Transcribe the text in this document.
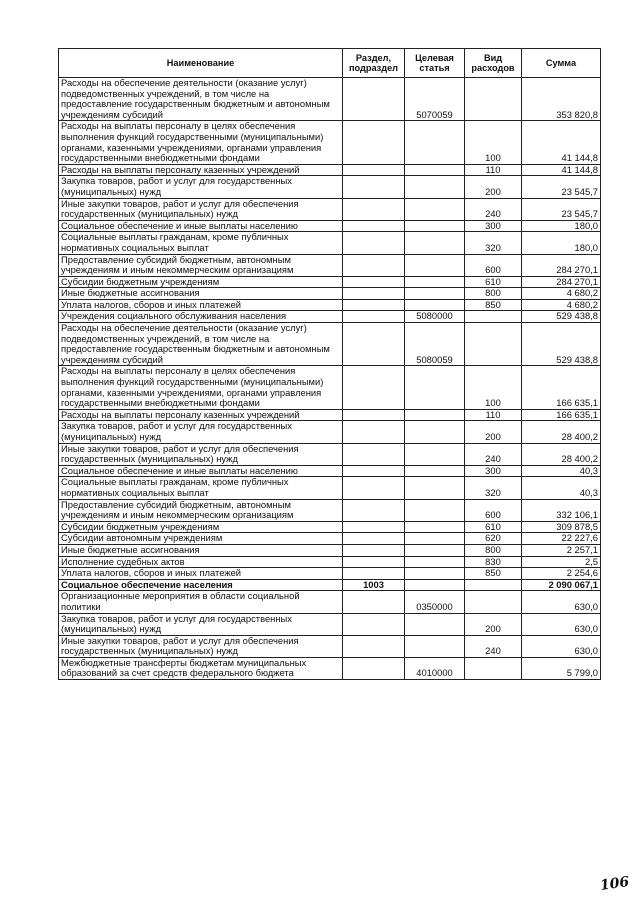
Наименование	Раздел, подраздел	Целевая статья	Вид расходов	Сумма
Расходы на обеспечение деятельности (оказание услуг) подведомственных учреждений, в том числе на предоставление государственным бюджетным и автономным учреждениям субсидий		5070059		353 820,8
Расходы на выплаты персоналу в целях обеспечения выполнения функций государственными (муниципальными) органами, казенными учреждениями, органами управления государственными внебюджетными фондами			100	41 144,8
Расходы на выплаты персоналу казенных учреждений			110	41 144,8
Закупка товаров, работ и услуг для государственных (муниципальных) нужд			200	23 545,7
Иные закупки товаров, работ и услуг для обеспечения государственных (муниципальных) нужд			240	23 545,7
Социальное обеспечение и иные выплаты населению			300	180,0
Социальные выплаты гражданам, кроме публичных нормативных социальных выплат			320	180,0
Предоставление субсидий бюджетным, автономным учреждениям и иным некоммерческим организациям			600	284 270,1
Субсидии бюджетным учреждениям			610	284 270,1
Иные бюджетные ассигнования			800	4 680,2
Уплата налогов, сборов и иных платежей			850	4 680,2
Учреждения социального обслуживания населения		5080000		529 438,8
Расходы на обеспечение деятельности (оказание услуг) подведомственных учреждений, в том числе на предоставление государственным бюджетным и автономным учреждениям субсидий		5080059		529 438,8
Расходы на выплаты персоналу в целях обеспечения выполнения функций государственными (муниципальными) органами, казенными учреждениями, органами управления государственными внебюджетными фондами			100	166 635,1
Расходы на выплаты персоналу казенных учреждений			110	166 635,1
Закупка товаров, работ и услуг для государственных (муниципальных) нужд			200	28 400,2
Иные закупки товаров, работ и услуг для обеспечения государственных (муниципальных) нужд			240	28 400,2
Социальное обеспечение и иные выплаты населению			300	40,3
Социальные выплаты гражданам, кроме публичных нормативных социальных выплат			320	40,3
Предоставление субсидий бюджетным, автономным учреждениям и иным некоммерческим организациям			600	332 106,1
Субсидии бюджетным учреждениям			610	309 878,5
Субсидии автономным учреждениям			620	22 227,6
Иные бюджетные ассигнования			800	2 257,1
Исполнение судебных актов			830	2,5
Уплата налогов, сборов и иных платежей			850	2 254,6
Социальное обеспечение населения	1003			2 090 067,1
Организационные мероприятия в области социальной политики		0350000		630,0
Закупка товаров, работ и услуг для государственных (муниципальных) нужд			200	630,0
Иные закупки товаров, работ и услуг для обеспечения государственных (муниципальных) нужд			240	630,0
Межбюджетные трансферты бюджетам муниципальных образований за счет средств федерального бюджета		4010000		5 799,0
106
